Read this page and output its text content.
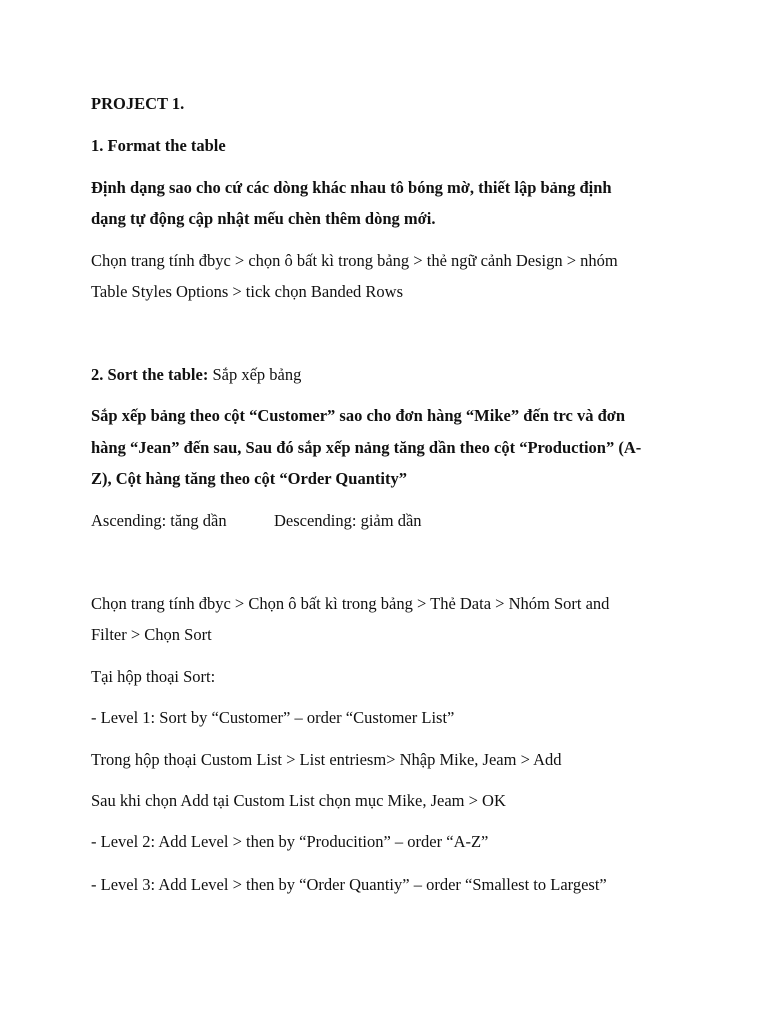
PROJECT 1.
1. Format the table
Định dạng sao cho cứ các dòng khác nhau tô bóng mờ, thiết lập bảng định
dạng tự động cập nhật mếu chèn thêm dòng mới.
Chọn trang tính đbyc > chọn ô bất kì trong bảng > thẻ ngữ cảnh Design > nhóm
Table Styles Options > tick chọn Banded Rows
2. Sort the table: Sắp xếp bảng
Sắp xếp bảng theo cột “Customer” sao cho đơn hàng “Mike” đến trc và đơn
hàng “Jean” đến sau, Sau đó sắp xếp nảng tăng dần theo cột “Production” (A-
Z), Cột hàng tăng theo cột “Order Quantity”
Ascending: tăng dần	Descending: giảm dần
Chọn trang tính đbyc > Chọn ô bất kì trong bảng > Thẻ Data > Nhóm Sort and
Filter > Chọn Sort
Tại hộp thoại Sort:
- Level 1: Sort by “Customer” – order “Customer List”
Trong hộp thoại Custom List > List entriesm> Nhập Mike, Jeam > Add
Sau khi chọn Add tại Custom List chọn mục Mike, Jeam > OK
- Level 2: Add Level > then by “Producition” – order “A-Z”
- Level 3: Add Level > then by “Order Quantiy” – order “Smallest to Largest”
